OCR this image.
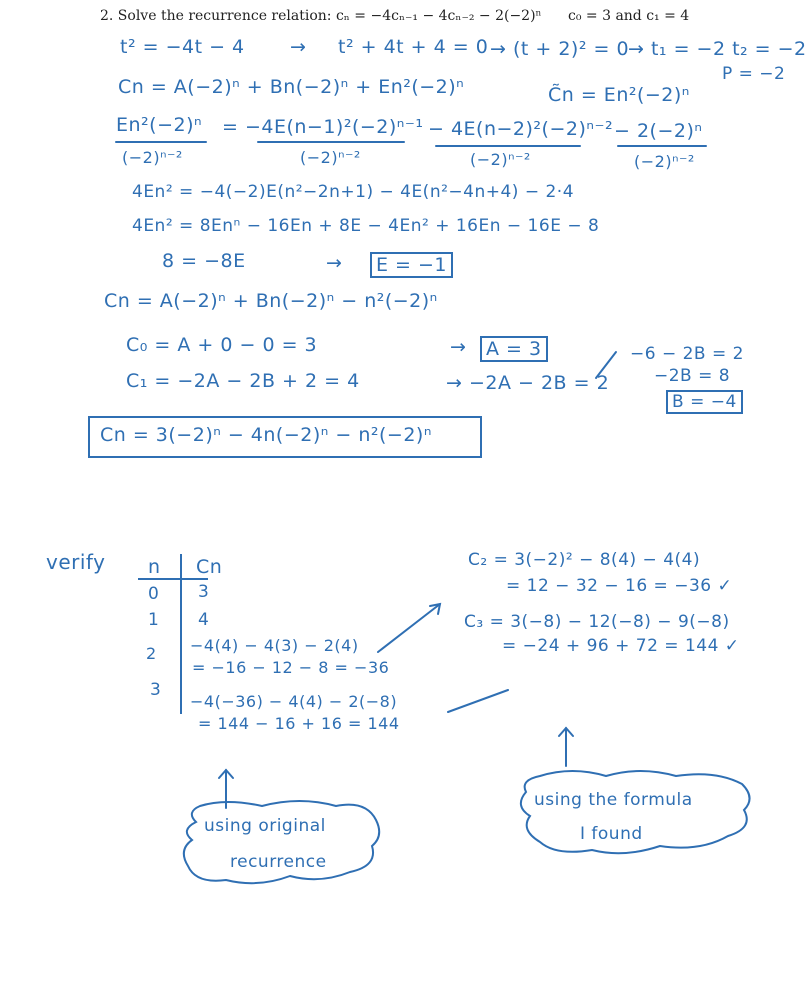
2. Solve the recurrence relation: cₙ = −4cₙ₋₁ − 4cₙ₋₂ − 2(−2)ⁿ c₀ = 3 and c₁ = 4
t² = −4t − 4 → t² + 4t + 4 = 0 → (t + 2)² = 0
→ t₁ = −2 t₂ = −2
P = −2
Cn = A(−2)ⁿ + Bn(−2)ⁿ + En²(−2)ⁿ	C̃n = En²(−2)ⁿ
En²(−2)ⁿ = −4E(n−1)²(−2)ⁿ⁻¹ − 4E(n−2)²(−2)ⁿ⁻² − 2(−2)ⁿ
(−2)ⁿ⁻²	(−2)ⁿ⁻²	(−2)ⁿ⁻²	(−2)ⁿ⁻²
4En² = −4(−2)E(n²−2n+1) − 4E(n²−4n+4) − 2·4
4En² = 8Enⁿ − 16En + 8E − 4En² + 16En − 16E − 8
8 = −8E	→	E = −1
Cn = A(−2)ⁿ + Bn(−2)ⁿ − n²(−2)ⁿ
C₀ = A + 0 − 0 = 3	→	A = 3
C₁ = −2A − 2B + 2 = 4	→ −2A − 2B = 2
−6 − 2B = 2
−2B = 8
B = −4
Cn = 3(−2)ⁿ − 4n(−2)ⁿ − n²(−2)ⁿ
verify n Cn
0 3
1 4
2 −4(4) − 4(3) − 2(4)
= −16 − 12 − 8 = −36
3
−4(−36) − 4(4) − 2(−8)
= 144 − 16 + 16 = 144
C₂ = 3(−2)² − 8(4) − 4(4)
= 12 − 32 − 16 = −36 ✓
C₃ = 3(−8) − 12(−8) − 9(−8)
= −24 + 96 + 72 = 144 ✓
using original
recurrence
using the formula
I found
